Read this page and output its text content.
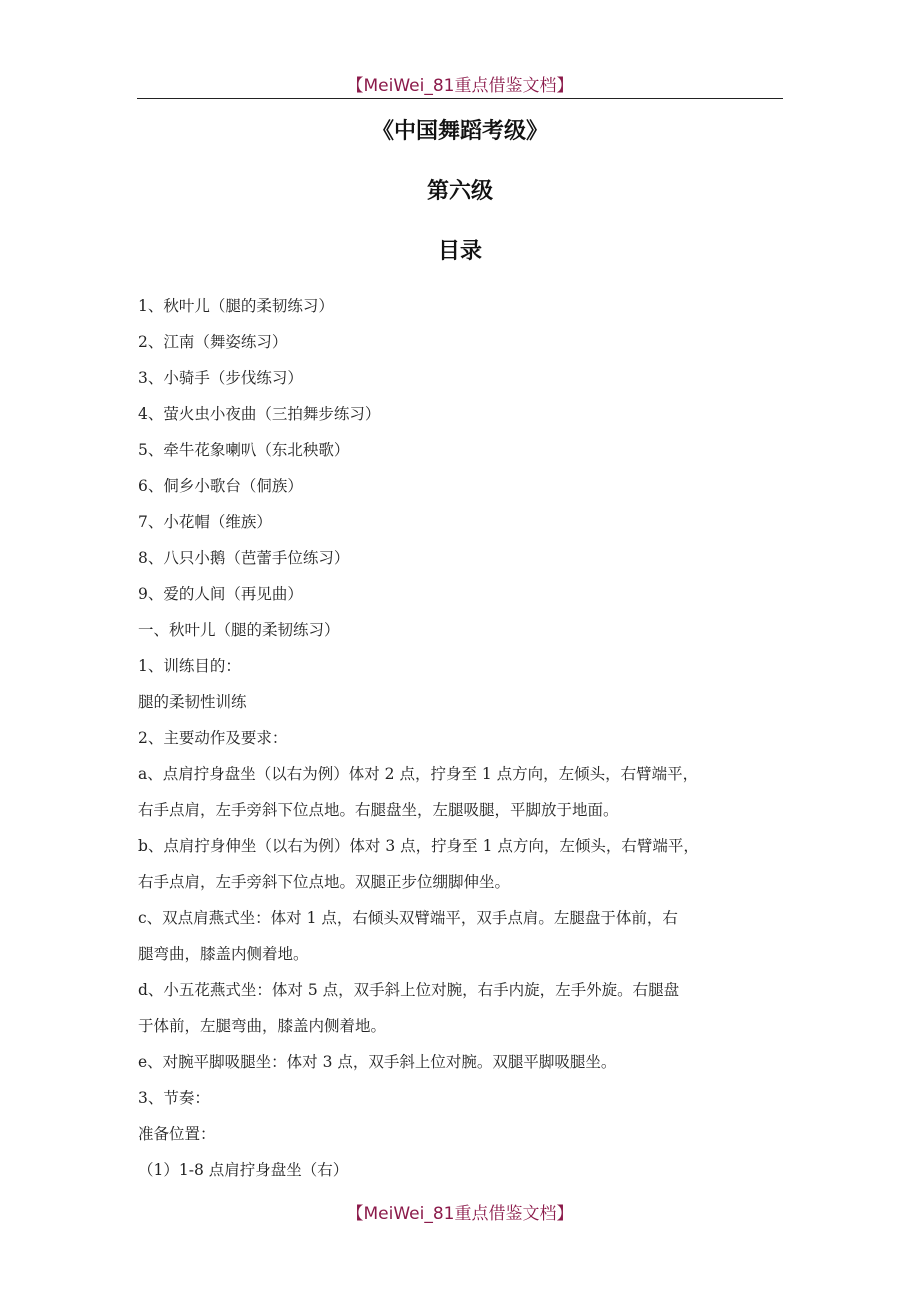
【MeiWei_81重点借鉴文档】
《中国舞蹈考级》
第六级
目录
1、秋叶儿（腿的柔韧练习）
2、江南（舞姿练习）
3、小骑手（步伐练习）
4、萤火虫小夜曲（三拍舞步练习）
5、牵牛花象喇叭（东北秧歌）
6、侗乡小歌台（侗族）
7、小花帽（维族）
8、八只小鹅（芭蕾手位练习）
9、爱的人间（再见曲）
一、秋叶儿（腿的柔韧练习）
1、训练目的：
腿的柔韧性训练
2、主要动作及要求：
a、点肩拧身盘坐（以右为例）体对 2 点，拧身至 1 点方向，左倾头，右臂端平，
右手点肩，左手旁斜下位点地。右腿盘坐，左腿吸腿，平脚放于地面。
b、点肩拧身伸坐（以右为例）体对 3 点，拧身至 1 点方向，左倾头，右臂端平，
右手点肩，左手旁斜下位点地。双腿正步位绷脚伸坐。
c、双点肩燕式坐：体对 1 点，右倾头双臂端平，双手点肩。左腿盘于体前，右
腿弯曲，膝盖内侧着地。
d、小五花燕式坐：体对 5 点，双手斜上位对腕，右手内旋，左手外旋。右腿盘
于体前，左腿弯曲，膝盖内侧着地。
e、对腕平脚吸腿坐：体对 3 点，双手斜上位对腕。双腿平脚吸腿坐。
3、节奏：
准备位置：
（1）1-8 点肩拧身盘坐（右）
【MeiWei_81重点借鉴文档】
